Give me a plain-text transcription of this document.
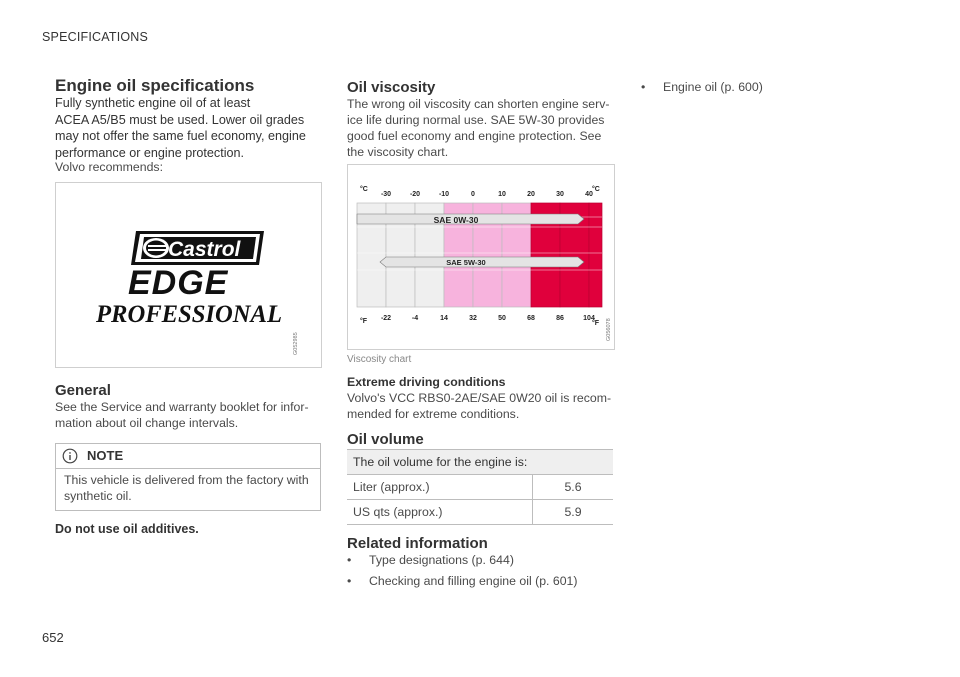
SPECIFICATIONS
Engine oil specifications
Fully synthetic engine oil of at least
ACEA A5/B5 must be used. Lower oil grades
may not offer the same fuel economy, engine
performance or engine protection.
Volvo recommends:
Castrol
EDGE
PROFESSIONAL
G052985
General
See the Service and warranty booklet for infor-
mation about oil change intervals.
NOTE
This vehicle is delivered from the factory with
synthetic oil.
Do not use oil additives.
Oil viscosity
The wrong oil viscosity can shorten engine serv-
ice life during normal use. SAE 5W-30 provides
good fuel economy and engine protection. See
the viscosity chart.
SAE 0W-30
SAE 5W-30
-30	-20	-10	0	10	20	30	40
-22	-4	14	32	50	68	86	104
°C	°C
°F	°F G056078
Viscosity chart
Extreme driving conditions
Volvo's VCC RBS0-2AE/SAE 0W20 oil is recom-
mended for extreme conditions.
Oil volume
The oil volume for the engine is:	
Liter (approx.)	5.6
US qts (approx.)	5.9
Related information
• Type designations (p. 644)
• Checking and filling engine oil (p. 601)
• Engine oil (p. 600)
652
